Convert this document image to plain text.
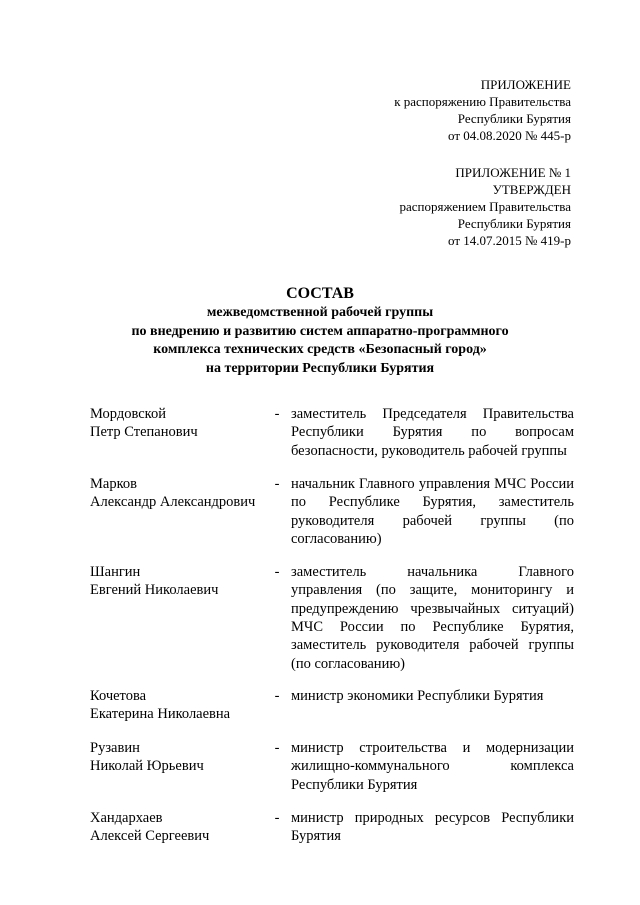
ПРИЛОЖЕНИЕ
к распоряжению Правительства
Республики Бурятия
от 04.08.2020 № 445-р
ПРИЛОЖЕНИЕ № 1
УТВЕРЖДЕН
распоряжением Правительства
Республики Бурятия
от 14.07.2015 № 419-р
СОСТАВ
межведомственной рабочей группы
по внедрению и развитию систем аппаратно-программного
комплекса технических средств «Безопасный город»
на территории Республики Бурятия
Мордовской
Петр Степанович
- заместитель Председателя Правительства Республики Бурятия по вопросам безопасности, руководитель рабочей группы
Марков
Александр Александрович
- начальник Главного управления МЧС России по Республике Бурятия, заместитель руководителя рабочей группы (по согласованию)
Шангин
Евгений Николаевич
- заместитель начальника Главного управления (по защите, мониторингу и предупреждению чрезвычайных ситуаций) МЧС России по Республике Бурятия, заместитель руководителя рабочей группы (по согласованию)
Кочетова
Екатерина Николаевна
- министр экономики Республики Бурятия
Рузавин
Николай Юрьевич
- министр строительства и модернизации жилищно-коммунального комплекса Республики Бурятия
Хандархаев
Алексей Сергеевич
- министр природных ресурсов Республики Бурятия
